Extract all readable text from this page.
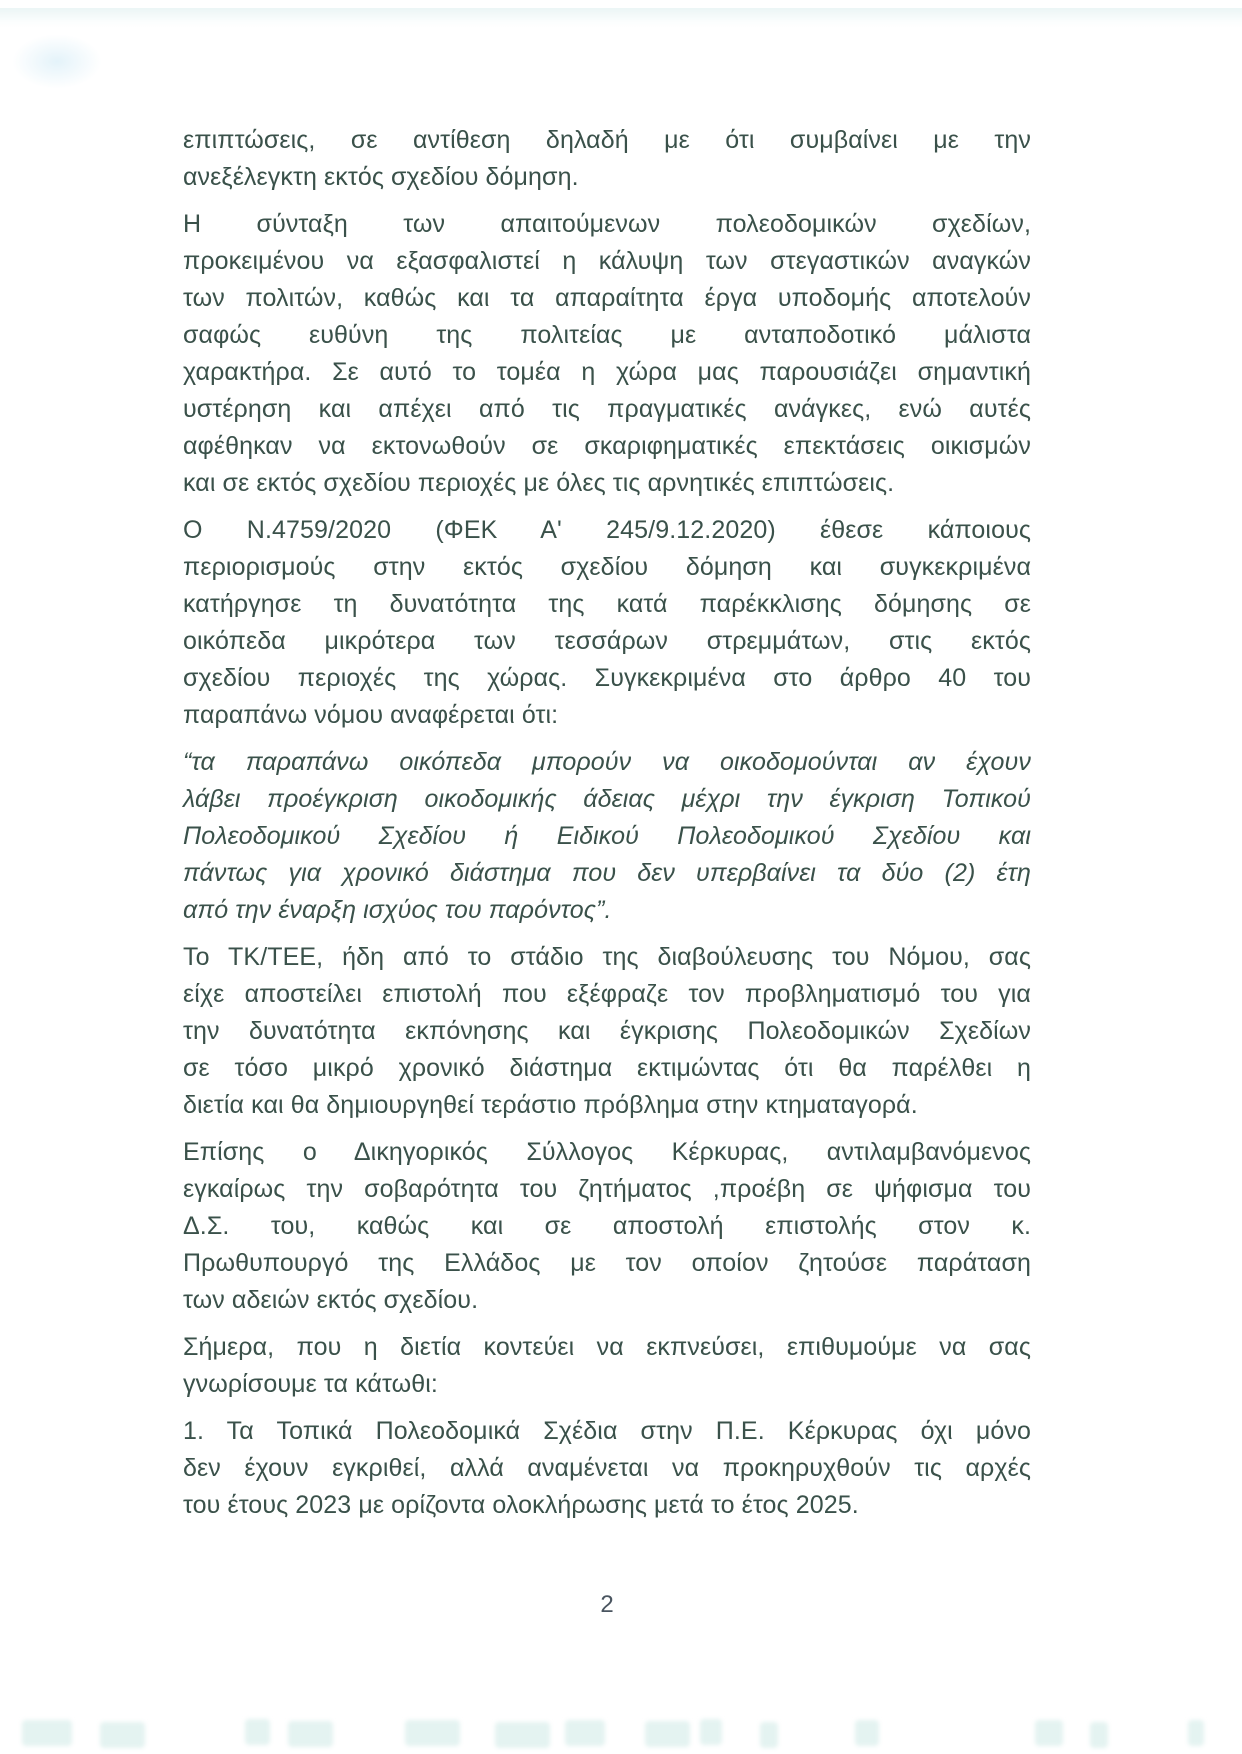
επιπτώσεις, σε αντίθεση δηλαδή με ότι συμβαίνει με την
ανεξέλεγκτη εκτός σχεδίου δόμηση.
Η σύνταξη των απαιτούμενων πολεοδομικών σχεδίων,
προκειμένου να εξασφαλιστεί η κάλυψη των στεγαστικών αναγκών
των πολιτών, καθώς και τα απαραίτητα έργα υποδομής αποτελούν
σαφώς ευθύνη της πολιτείας με ανταποδοτικό μάλιστα
χαρακτήρα. Σε αυτό το τομέα η χώρα μας παρουσιάζει σημαντική
υστέρηση και απέχει από τις πραγματικές ανάγκες, ενώ αυτές
αφέθηκαν να εκτονωθούν σε σκαριφηματικές επεκτάσεις οικισμών
και σε εκτός σχεδίου περιοχές με όλες τις αρνητικές επιπτώσεις.
Ο Ν.4759/2020 (ΦΕΚ Α' 245/9.12.2020) έθεσε κάποιους
περιορισμούς στην εκτός σχεδίου δόμηση και συγκεκριμένα
κατήργησε τη δυνατότητα της κατά παρέκκλισης δόμησης σε
οικόπεδα μικρότερα των τεσσάρων στρεμμάτων, στις εκτός
σχεδίου περιοχές της χώρας. Συγκεκριμένα στο άρθρο 40 του
παραπάνω νόμου αναφέρεται ότι:
“τα παραπάνω οικόπεδα μπορούν να οικοδομούνται αν έχουν
λάβει προέγκριση οικοδομικής άδειας μέχρι την έγκριση Τοπικού
Πολεοδομικού Σχεδίου ή Ειδικού Πολεοδομικού Σχεδίου και
πάντως για χρονικό διάστημα που δεν υπερβαίνει τα δύο (2) έτη
από την έναρξη ισχύος του παρόντος”.
Το ΤΚ/ΤΕΕ, ήδη από το στάδιο της διαβούλευσης του Νόμου, σας
είχε αποστείλει επιστολή που εξέφραζε τον προβληματισμό του για
την δυνατότητα εκπόνησης και έγκρισης Πολεοδομικών Σχεδίων
σε τόσο μικρό χρονικό διάστημα εκτιμώντας ότι θα παρέλθει η
διετία και θα δημιουργηθεί τεράστιο πρόβλημα στην κτηματαγορά.
Επίσης ο Δικηγορικός Σύλλογος Κέρκυρας, αντιλαμβανόμενος
εγκαίρως την σοβαρότητα του ζητήματος ,προέβη σε ψήφισμα του
Δ.Σ. του, καθώς και σε αποστολή επιστολής στον κ.
Πρωθυπουργό της Ελλάδος με τον οποίον ζητούσε παράταση
των αδειών εκτός σχεδίου.
Σήμερα, που η διετία κοντεύει να εκπνεύσει, επιθυμούμε να σας
γνωρίσουμε τα κάτωθι:
1. Τα Τοπικά Πολεοδομικά Σχέδια στην Π.Ε. Κέρκυρας όχι μόνο
δεν έχουν εγκριθεί, αλλά αναμένεται να προκηρυχθούν τις αρχές
του έτους 2023 με ορίζοντα ολοκλήρωσης μετά το έτος 2025.
2
